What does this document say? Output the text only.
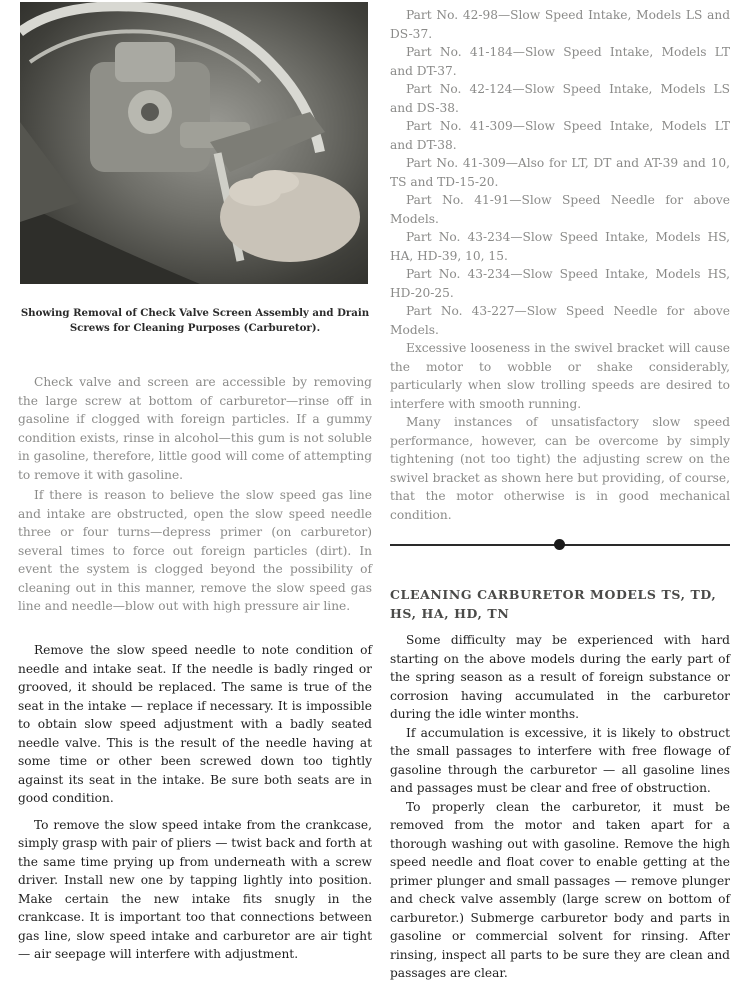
Showing Removal of Check Valve Screen Assembly and Drain Screws for Cleaning Purposes (Carburetor).

Check valve and screen are accessible by removing the large screw at bottom of carburetor—rinse off in gasoline if clogged with foreign particles. If a gummy condition exists, rinse in alcohol—this gum is not soluble in gasoline, therefore, little good will come of attempting to remove it with gasoline.

If there is reason to believe the slow speed gas line and intake are obstructed, open the slow speed needle three or four turns—depress primer (on carburetor) several times to force out foreign particles (dirt). In event the system is clogged beyond the possibility of cleaning out in this manner, remove the slow speed gas line and needle—blow out with high pressure air line.

Remove the slow speed needle to note condition of needle and intake seat. If the needle is badly ringed or grooved, it should be replaced. The same is true of the seat in the intake — replace if necessary. It is impossible to obtain slow speed adjustment with a badly seated needle valve. This is the result of the needle having at some time or other been screwed down too tightly against its seat in the intake. Be sure both seats are in good condition.

To remove the slow speed intake from the crankcase, simply grasp with pair of pliers — twist back and forth at the same time prying up from underneath with a screw driver. Install new one by tapping lightly into position. Make certain the new intake fits snugly in the crankcase. It is important too that connections between gas line, slow speed intake and carburetor are air tight — air seepage will interfere with adjustment.

Part No. 42-98—Slow Speed Intake, Models LS and DS-37.

Part No. 41-184—Slow Speed Intake, Models LT and DT-37.

Part No. 42-124—Slow Speed Intake, Models LS and DS-38.

Part No. 41-309—Slow Speed Intake, Models LT and DT-38.

Part No. 41-309—Also for LT, DT and AT-39 and 10, TS and TD-15-20.

Part No. 41-91—Slow Speed Needle for above Models.

Part No. 43-234—Slow Speed Intake, Models HS, HA, HD-39, 10, 15.

Part No. 43-234—Slow Speed Intake, Models HS, HD-20-25.

Part No. 43-227—Slow Speed Needle for above Models.

Excessive looseness in the swivel bracket will cause the motor to wobble or shake considerably, particularly when slow trolling speeds are desired to interfere with smooth running.

Many instances of unsatisfactory slow speed performance, however, can be overcome by simply tightening (not too tight) the adjusting screw on the swivel bracket as shown here but providing, of course, that the motor otherwise is in good mechanical condition.

CLEANING CARBURETOR MODELS TS, TD, HS, HA, HD, TN

Some difficulty may be experienced with hard starting on the above models during the early part of the spring season as a result of foreign substance or corrosion having accumulated in the carburetor during the idle winter months.

If accumulation is excessive, it is likely to obstruct the small passages to interfere with free flowage of gasoline through the carburetor — all gasoline lines and passages must be clear and free of obstruction.

To properly clean the carburetor, it must be removed from the motor and taken apart for a thorough washing out with gasoline. Remove the high speed needle and float cover to enable getting at the primer plunger and small passages — remove plunger and check valve assembly (large screw on bottom of carburetor.) Submerge carburetor body and parts in gasoline or commercial solvent for rinsing. After rinsing, inspect all parts to be sure they are clean and passages are clear.
